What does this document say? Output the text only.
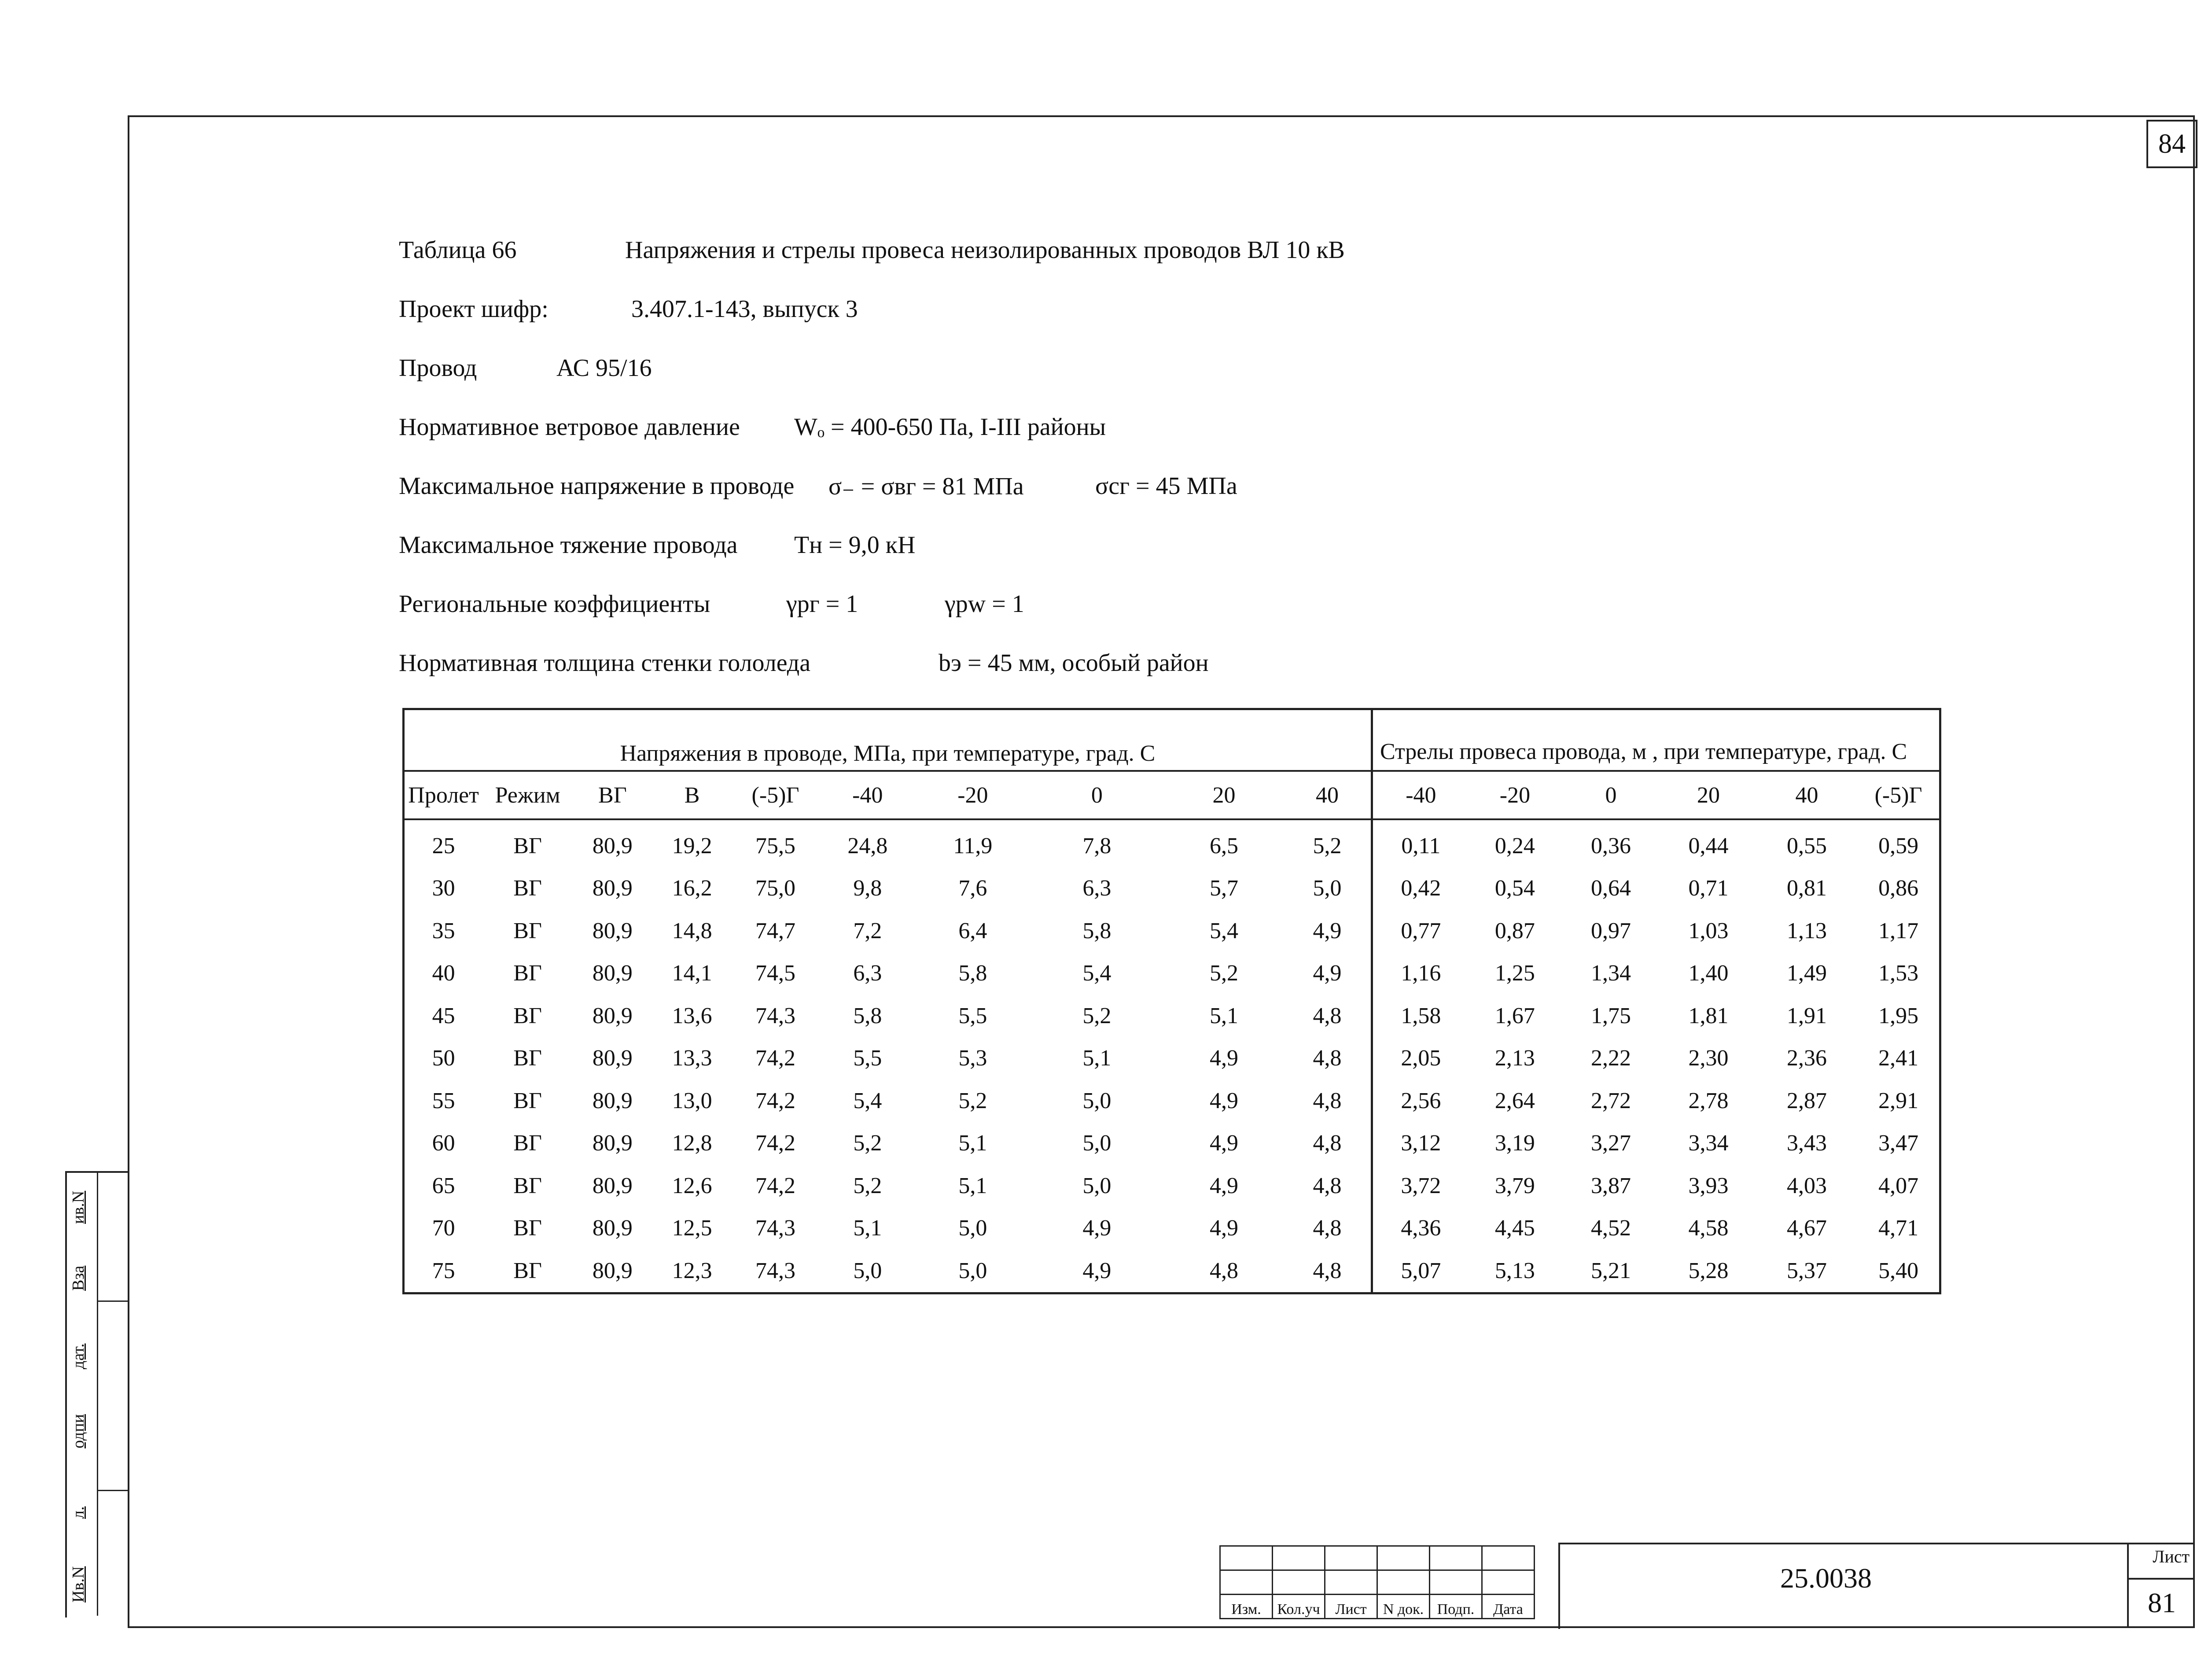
84
Таблица 66	Напряжения и стрелы провеса неизолированных проводов ВЛ 10 кВ
Проект шифр:	3.407.1-143, выпуск 3
Провод	АС 95/16
Нормативное ветровое давление Wₒ = 400-650 Па, I-III районы
Максимальное напряжение в проводе σ₋ = σвг = 81 МПа	σсг = 45 МПа
Максимальное тяжение провода Тн = 9,0 кН
Региональные коэффициенты	γрг = 1	γpw = 1
Нормативная толщина стенки гололеда	bэ = 45 мм, особый район
Напряжения в проводе, МПа, при температуре, град. С										Стрелы провеса провода, м , при температуре, град. С					
Пролет	Режим	ВГ	В	(-5)Г	-40	-20	0	20	40	-40	-20	0	20	40	(-5)Г
25	ВГ	80,9	19,2	75,5	24,8	11,9	7,8	6,5	5,2	0,11	0,24	0,36	0,44	0,55	0,59
30	ВГ	80,9	16,2	75,0	9,8	7,6	6,3	5,7	5,0	0,42	0,54	0,64	0,71	0,81	0,86
35	ВГ	80,9	14,8	74,7	7,2	6,4	5,8	5,4	4,9	0,77	0,87	0,97	1,03	1,13	1,17
40	ВГ	80,9	14,1	74,5	6,3	5,8	5,4	5,2	4,9	1,16	1,25	1,34	1,40	1,49	1,53
45	ВГ	80,9	13,6	74,3	5,8	5,5	5,2	5,1	4,8	1,58	1,67	1,75	1,81	1,91	1,95
50	ВГ	80,9	13,3	74,2	5,5	5,3	5,1	4,9	4,8	2,05	2,13	2,22	2,30	2,36	2,41
55	ВГ	80,9	13,0	74,2	5,4	5,2	5,0	4,9	4,8	2,56	2,64	2,72	2,78	2,87	2,91
60	ВГ	80,9	12,8	74,2	5,2	5,1	5,0	4,9	4,8	3,12	3,19	3,27	3,34	3,43	3,47
65	ВГ	80,9	12,6	74,2	5,2	5,1	5,0	4,9	4,8	3,72	3,79	3,87	3,93	4,03	4,07
70	ВГ	80,9	12,5	74,3	5,1	5,0	4,9	4,9	4,8	4,36	4,45	4,52	4,58	4,67	4,71
75	ВГ	80,9	12,3	74,3	5,0	5,0	4,9	4,8	4,8	5,07	5,13	5,21	5,28	5,37	5,40

Изм.	Кол.уч	Лист	N док.	Подп.	Дата
25.0038
Лист
81
ив.N
Вза
дат.
одпи
л.
Ив.N
